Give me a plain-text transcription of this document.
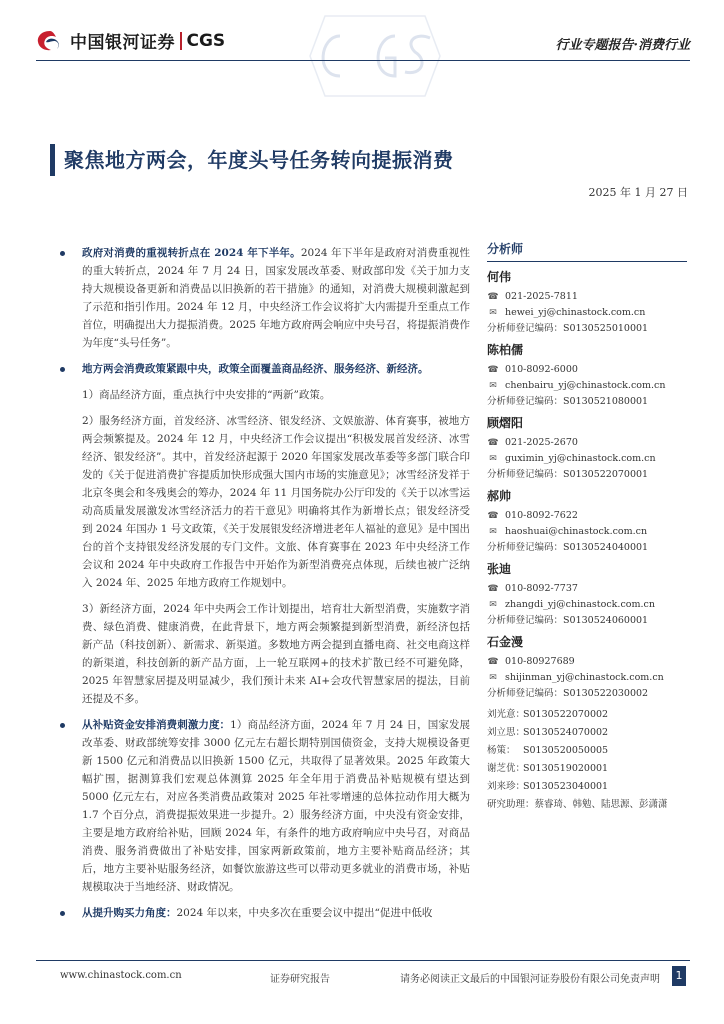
中国银河证券 CGS	行业专题报告·消费行业
聚焦地方两会，年度头号任务转向提振消费
2025 年 1 月 27 日
政府对消费的重视转折点在 2024 年下半年。2024 年下半年是政府对消费重视性的重大转折点，2024 年 7 月 24 日，国家发展改革委、财政部印发《关于加力支持大规模设备更新和消费品以旧换新的若干措施》的通知，对消费大规模刺激起到了示范和指引作用。2024 年 12 月，中央经济工作会议将扩大内需提升至重点工作首位，明确提出大力提振消费。2025 年地方政府两会响应中央号召，将提振消费作为年度“头号任务”。
地方两会消费政策紧跟中央，政策全面覆盖商品经济、服务经济、新经济。
1）商品经济方面，重点执行中央安排的“两新”政策。
2）服务经济方面，首发经济、冰雪经济、银发经济、文娱旅游、体育赛事，被地方两会频繁提及。2024 年 12 月，中央经济工作会议提出“积极发展首发经济、冰雪经济、银发经济”。其中，首发经济起源于 2020 年国家发展改革委等多部门联合印发的《关于促进消费扩容提质加快形成强大国内市场的实施意见》；冰雪经济发祥于北京冬奥会和冬残奥会的筹办，2024 年 11 月国务院办公厅印发的《关于以冰雪运动高质量发展激发冰雪经济活力的若干意见》明确将其作为新增长点；银发经济受到 2024 年国办 1 号文政策，《关于发展银发经济增进老年人福祉的意见》是中国出台的首个支持银发经济发展的专门文件。文旅、体育赛事在 2023 年中央经济工作会议和 2024 年中央政府工作报告中开始作为新型消费亮点体现，后续也被广泛纳入 2024 年、2025 年地方政府工作规划中。
3）新经济方面，2024 年中央两会工作计划提出，培育壮大新型消费，实施数字消费、绿色消费、健康消费，在此背景下，地方两会频繁提到新型消费，新经济包括新产品（科技创新）、新需求、新渠道。多数地方两会提到直播电商、社交电商这样的新渠道，科技创新的新产品方面，上一轮互联网+的技术扩散已经不可避免降，2025 年智慧家居提及明显减少，我们预计未来 AI+会攻代智慧家居的提法，目前还提及不多。
从补贴资金安排消费刺激力度：1）商品经济方面，2024 年 7 月 24 日，国家发展改革委、财政部统筹安排 3000 亿元左右超长期特别国债资金，支持大规模设备更新 1500 亿元和消费品以旧换新 1500 亿元，共取得了显著效果。2025 年政策大幅扩围，据测算我们宏观总体测算 2025 年全年用于消费品补贴规模有望达到 5000 亿元左右，对应各类消费品政策对 2025 年社零增速的总体拉动作用大概为 1.7 个百分点，消费提振效果进一步提升。2）服务经济方面，中央没有资金安排，主要是地方政府给补贴，回顾 2024 年，有条件的地方政府响应中央号召，对商品消费、服务消费做出了补贴安排，国家两新政策前，地方主要补贴商品经济；其后，地方主要补贴服务经济，如餐饮旅游这些可以带动更多就业的消费市场，补贴规模取决于当地经济、财政情况。
从提升购买力角度：2024 年以来，中央多次在重要会议中提出“促进中低收
分析师
何伟
☎ 021-2025-7811
✉ hewei_yj@chinastock.com.cn
分析师登记编码： S0130525010001
陈柏儒
☎ 010-8092-6000
✉ chenbairu_yj@chinastock.com.cn
分析师登记编码： S0130521080001
顾熠阳
☎ 021-2025-2670
✉ guximin_yj@chinastock.com.cn
分析师登记编码： S0130522070001
郝帅
☎ 010-8092-7622
✉ haoshuai@chinastock.com.cn
分析师登记编码： S0130524040001
张迪
☎ 010-8092-7737
✉ zhangdi_yj@chinastock.com.cn
分析师登记编码： S0130524060001
石金漫
☎ 010-80927689
✉ shijinman_yj@chinastock.com.cn
分析师登记编码： S0130522030002
刘光意：
S0130522070002
刘立思：
S0130524070002
杨策： S0130520050005
谢芝优：
S0130519020001
刘来珍：
S0130523040001
研究助理：蔡睿琦、韩勉、陆思源、彭潇潇
www.chinastock.com.cn	证券研究报告	请务必阅读正文最后的中国银河证券股份有限公司免责声明	1
